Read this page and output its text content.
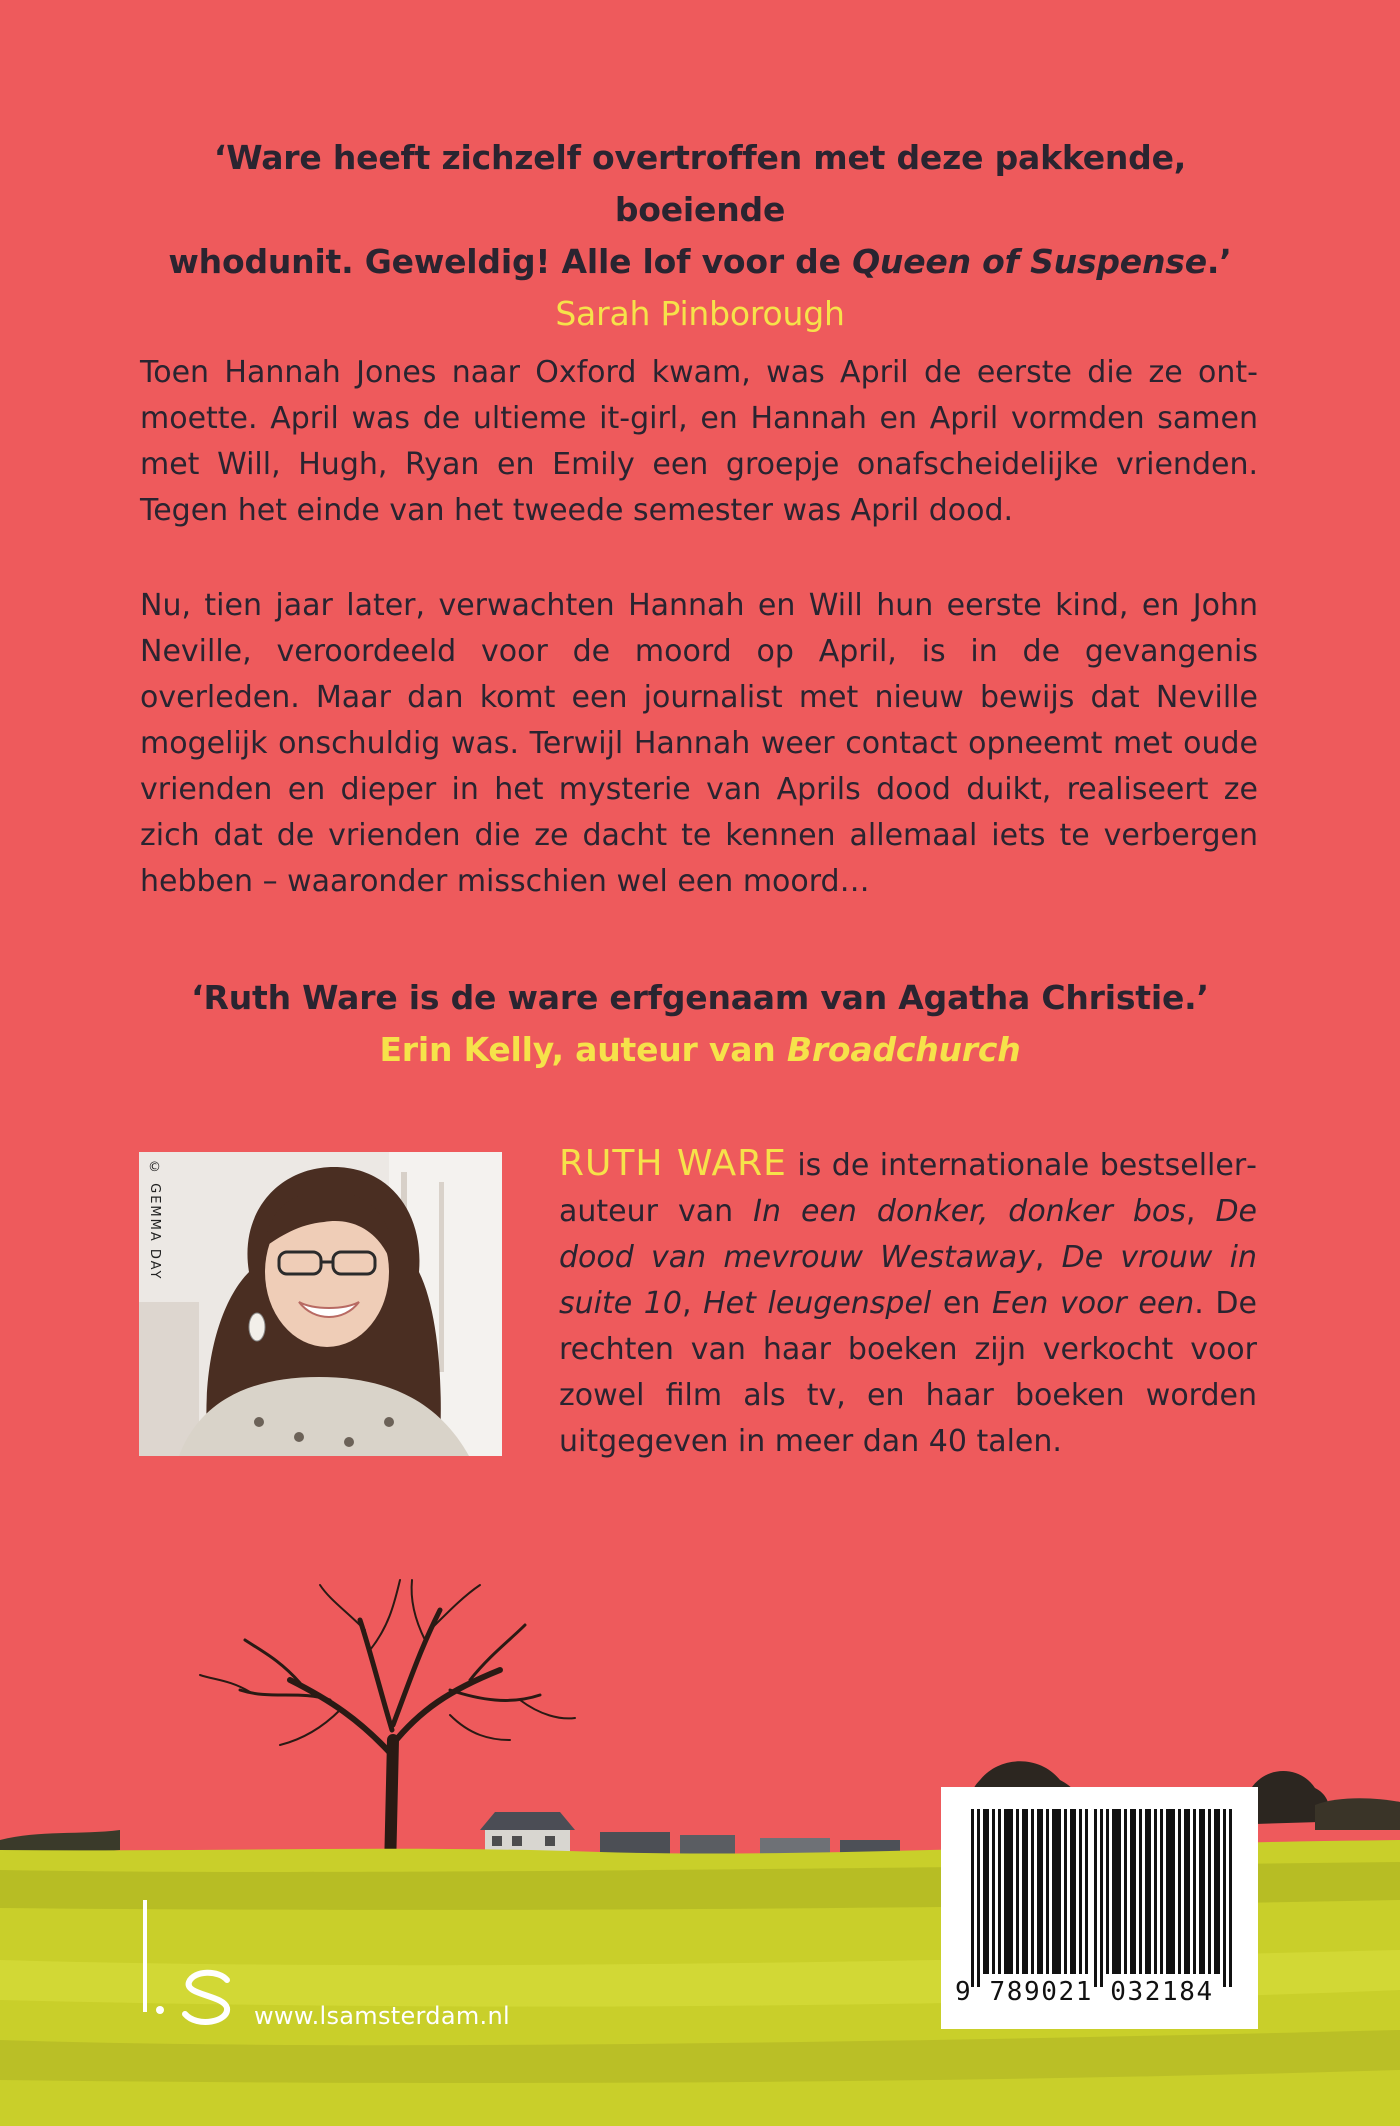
‘Ware heeft zichzelf overtroffen met deze pakkende, boeiende
whodunit. Geweldig! Alle lof voor de Queen of Suspense.’
Sarah Pinborough

Toen Hannah Jones naar Oxford kwam, was April de eerste die ze ontmoette. April was de ultieme it-girl, en Hannah en April vormden samen met Will, Hugh, Ryan en Emily een groepje onafscheidelijke vrienden. Tegen het einde van het tweede semester was April dood.

Nu, tien jaar later, verwachten Hannah en Will hun eerste kind, en John Neville, veroordeeld voor de moord op April, is in de gevangenis overleden. Maar dan komt een journalist met nieuw bewijs dat Neville mogelijk onschuldig was. Terwijl Hannah weer contact opneemt met oude vrienden en dieper in het mysterie van Aprils dood duikt, realiseert ze zich dat de vrienden die ze dacht te kennen allemaal iets te verbergen hebben – waaronder misschien wel een moord…

‘Ruth Ware is de ware erfgenaam van Agatha Christie.’
Erin Kelly, auteur van Broadchurch
© GEMMA DAY	RUTH WARE is de internationale bestsellerauteur van In een donker, donker bos, De dood van mevrouw Westaway, De vrouw in suite 10, Het leugenspel en Een voor een. De rechten van haar boeken zijn verkocht voor zowel film als tv, en haar boeken worden uitgegeven in meer dan 40 talen.

9 789021 032184
www.lsamsterdam.nl
